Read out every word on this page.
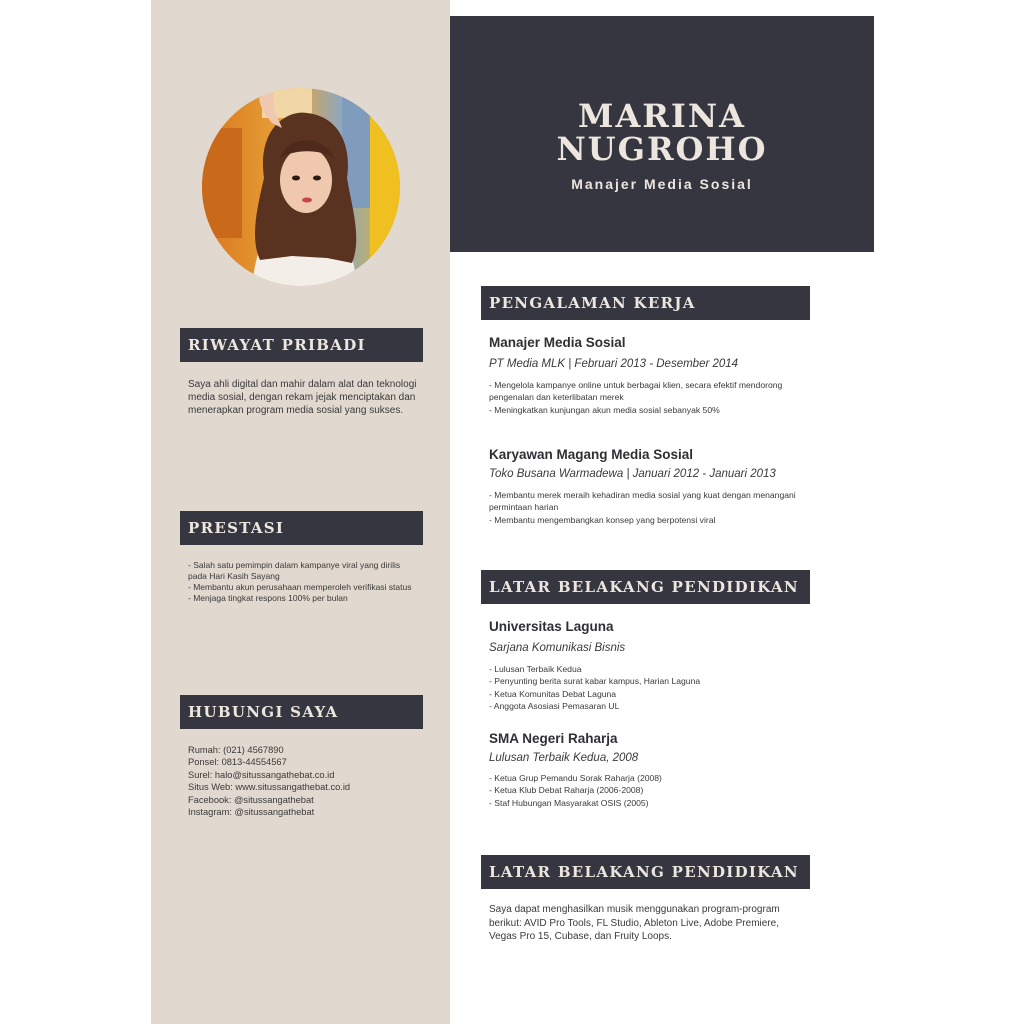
MARINA
NUGROHO
Manajer Media Sosial
RIWAYAT PRIBADI
Saya ahli digital dan mahir dalam alat dan teknologi media sosial, dengan rekam jejak menciptakan dan menerapkan program media sosial yang sukses.
PRESTASI
- Salah satu pemimpin dalam kampanye viral yang dirilis pada Hari Kasih Sayang
- Membantu akun perusahaan memperoleh verifikasi status
- Menjaga tingkat respons 100% per bulan
HUBUNGI SAYA
Rumah: (021) 4567890
Ponsel: 0813-44554567
Surel: halo@situssangathebat.co.id
Situs Web: www.situssangathebat.co.id
Facebook: @situssangathebat
Instagram: @situssangathebat
PENGALAMAN KERJA
Manajer Media Sosial
PT Media MLK | Februari 2013 - Desember 2014
- Mengelola kampanye online untuk berbagai klien, secara efektif mendorong pengenalan dan keterlibatan merek
- Meningkatkan kunjungan akun media sosial sebanyak 50%
Karyawan Magang Media Sosial
Toko Busana Warmadewa | Januari 2012 - Januari 2013
- Membantu merek meraih kehadiran media sosial yang kuat dengan menangani permintaan harian
- Membantu mengembangkan konsep yang berpotensi viral
LATAR BELAKANG PENDIDIKAN
Universitas Laguna
Sarjana Komunikasi Bisnis
- Lulusan Terbaik Kedua
- Penyunting berita surat kabar kampus, Harian Laguna
- Ketua Komunitas Debat Laguna
- Anggota Asosiasi Pemasaran UL
SMA Negeri Raharja
Lulusan Terbaik Kedua, 2008
- Ketua Grup Pemandu Sorak Raharja (2008)
- Ketua Klub Debat Raharja (2006-2008)
- Staf Hubungan Masyarakat OSIS (2005)
LATAR BELAKANG PENDIDIKAN
Saya dapat menghasilkan musik menggunakan program-program berikut: AVID Pro Tools, FL Studio, Ableton Live, Adobe Premiere, Vegas Pro 15, Cubase, dan Fruity Loops.
